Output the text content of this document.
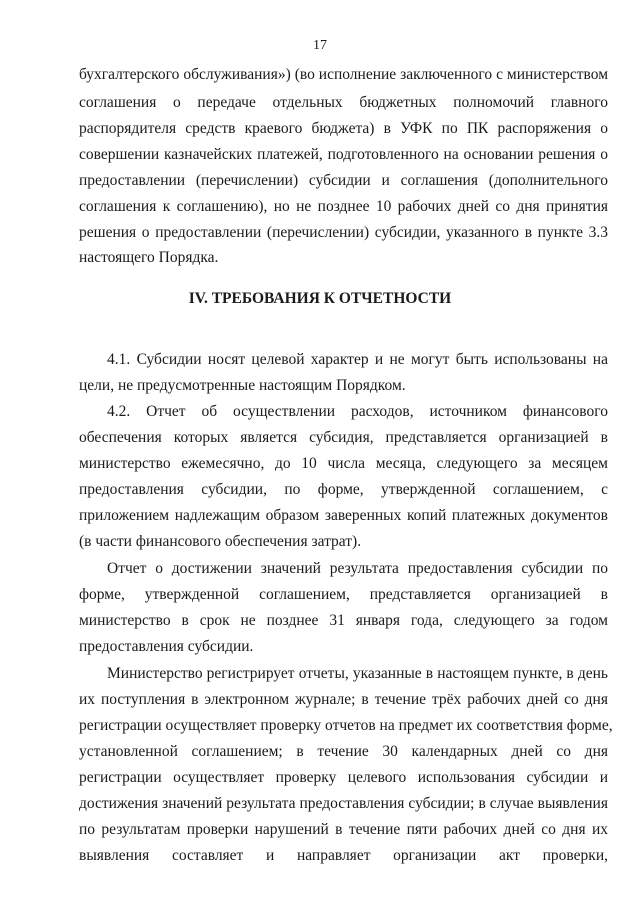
17
бухгалтерского обслуживания») (во исполнение заключенного с министерством
соглашения о передаче отдельных бюджетных полномочий главного
распорядителя средств краевого бюджета) в УФК по ПК распоряжения о
совершении казначейских платежей, подготовленного на основании решения о
предоставлении (перечислении) субсидии и соглашения (дополнительного
соглашения к соглашению), но не позднее 10 рабочих дней со дня принятия
решения о предоставлении (перечислении) субсидии, указанного в пункте 3.3
настоящего Порядка.
IV. ТРЕБОВАНИЯ К ОТЧЕТНОСТИ
4.1. Субсидии носят целевой характер и не могут быть использованы на
цели, не предусмотренные настоящим Порядком.
4.2. Отчет об осуществлении расходов, источником финансового
обеспечения которых является субсидия, представляется организацией в
министерство ежемесячно, до 10 числа месяца, следующего за месяцем
предоставления субсидии, по форме, утвержденной соглашением, с
приложением надлежащим образом заверенных копий платежных документов
(в части финансового обеспечения затрат).
Отчет о достижении значений результата предоставления субсидии по
форме, утвержденной соглашением, представляется организацией в
министерство в срок не позднее 31 января года, следующего за годом
предоставления субсидии.
Министерство регистрирует отчеты, указанные в настоящем пункте, в день
их поступления в электронном журнале; в течение трёх рабочих дней со дня
регистрации осуществляет проверку отчетов на предмет их соответствия форме,
установленной соглашением; в течение 30 календарных дней со дня
регистрации осуществляет проверку целевого использования субсидии и
достижения значений результата предоставления субсидии; в случае выявления
по результатам проверки нарушений в течение пяти рабочих дней со дня их
выявления составляет и направляет организации акт проверки,
